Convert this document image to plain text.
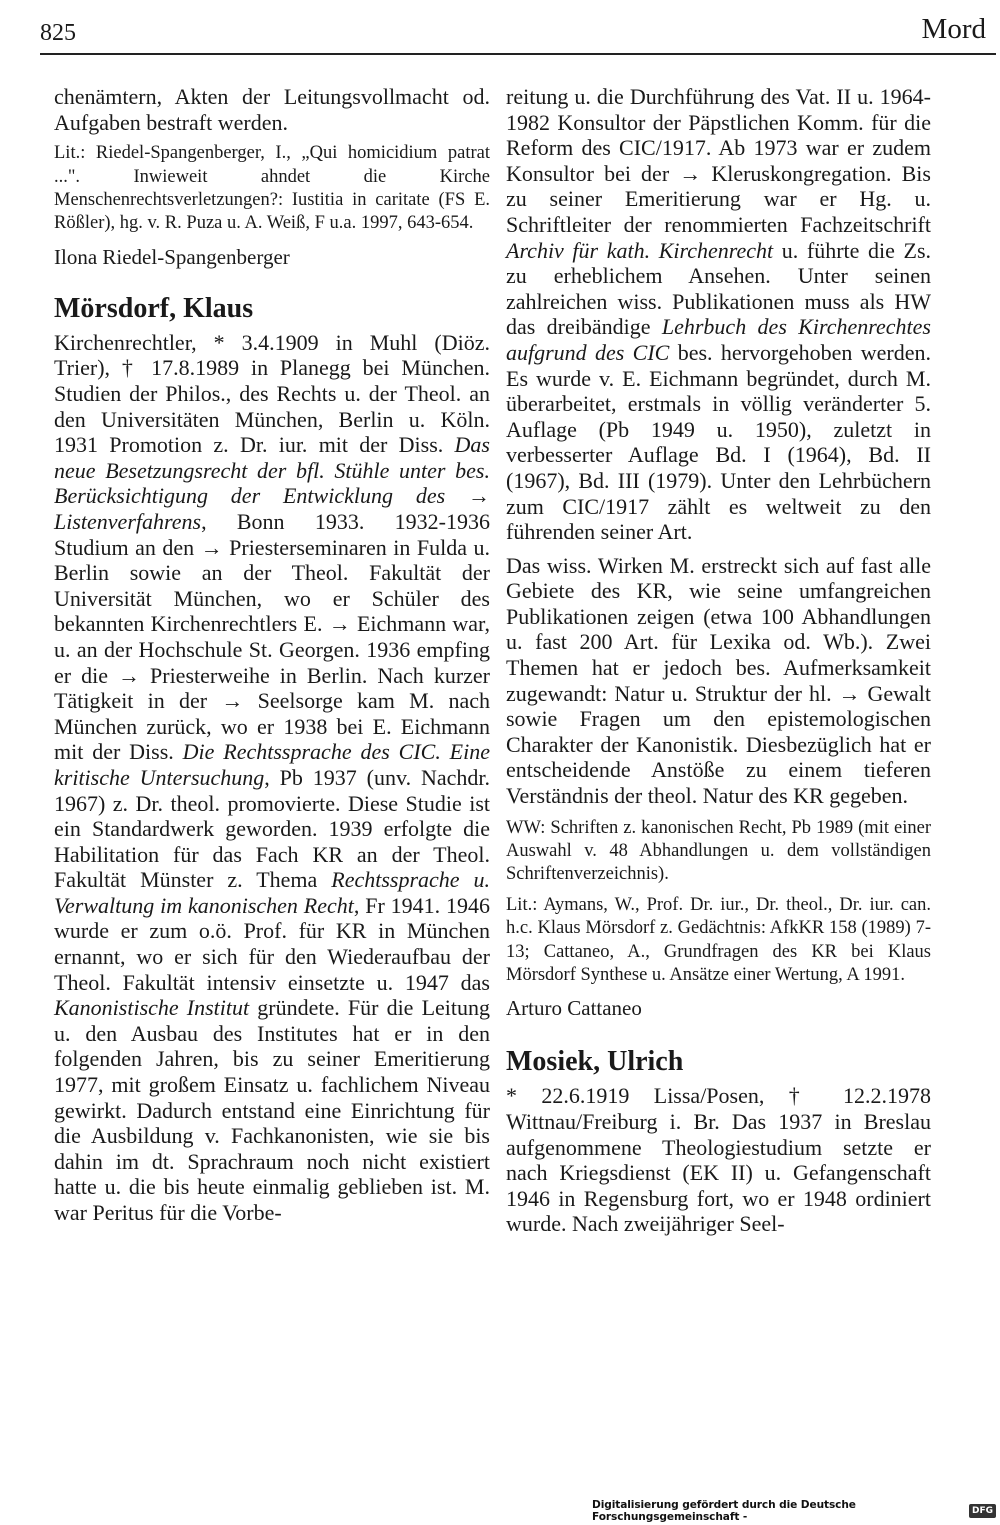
825	Mord

chenämtern, Akten der Leitungsvollmacht od. Aufgaben bestraft werden.

Lit.: Riedel-Spangenberger, I., „Qui homicidium patrat ...". Inwieweit ahndet die Kirche Menschenrechtsverletzungen?: Iustitia in caritate (FS E. Rößler), hg. v. R. Puza u. A. Weiß, F u.a. 1997, 643-654.

Ilona Riedel-Spangenberger

Mörsdorf, Klaus

Kirchenrechtler, * 3.4.1909 in Muhl (Diöz. Trier), † 17.8.1989 in Planegg bei München. Studien der Philos., des Rechts u. der Theol. an den Universitäten München, Berlin u. Köln. 1931 Promotion z. Dr. iur. mit der Diss. Das neue Besetzungsrecht der bfl. Stühle unter bes. Berücksichtigung der Entwicklung des → Listenverfahrens, Bonn 1933. 1932-1936 Studium an den → Priesterseminaren in Fulda u. Berlin sowie an der Theol. Fakultät der Universität München, wo er Schüler des bekannten Kirchenrechtlers E. → Eichmann war, u. an der Hochschule St. Georgen. 1936 empfing er die → Priesterweihe in Berlin. Nach kurzer Tätigkeit in der → Seelsorge kam M. nach München zurück, wo er 1938 bei E. Eichmann mit der Diss. Die Rechtssprache des CIC. Eine kritische Untersuchung, Pb 1937 (unv. Nachdr. 1967) z. Dr. theol. promovierte. Diese Studie ist ein Standardwerk geworden. 1939 erfolgte die Habilitation für das Fach KR an der Theol. Fakultät Münster z. Thema Rechtssprache u. Verwaltung im kanonischen Recht, Fr 1941. 1946 wurde er zum o.ö. Prof. für KR in München ernannt, wo er sich für den Wiederaufbau der Theol. Fakultät intensiv einsetzte u. 1947 das Kanonistische Institut gründete. Für die Leitung u. den Ausbau des Institutes hat er in den folgenden Jahren, bis zu seiner Emeritierung 1977, mit großem Einsatz u. fachlichem Niveau gewirkt. Dadurch entstand eine Einrichtung für die Ausbildung v. Fachkanonisten, wie sie bis dahin im dt. Sprachraum noch nicht existiert hatte u. die bis heute einmalig geblieben ist. M. war Peritus für die Vorbe-

reitung u. die Durchführung des Vat. II u. 1964-1982 Konsultor der Päpstlichen Komm. für die Reform des CIC/1917. Ab 1973 war er zudem Konsultor bei der → Kleruskongregation. Bis zu seiner Emeritierung war er Hg. u. Schriftleiter der renommierten Fachzeitschrift Archiv für kath. Kirchenrecht u. führte die Zs. zu erheblichem Ansehen. Unter seinen zahlreichen wiss. Publikationen muss als HW das dreibändige Lehrbuch des Kirchenrechtes aufgrund des CIC bes. hervorgehoben werden. Es wurde v. E. Eichmann begründet, durch M. überarbeitet, erstmals in völlig veränderter 5. Auflage (Pb 1949 u. 1950), zuletzt in verbesserter Auflage Bd. I (1964), Bd. II (1967), Bd. III (1979). Unter den Lehrbüchern zum CIC/1917 zählt es weltweit zu den führenden seiner Art.

Das wiss. Wirken M. erstreckt sich auf fast alle Gebiete des KR, wie seine umfangreichen Publikationen zeigen (etwa 100 Abhandlungen u. fast 200 Art. für Lexika od. Wb.). Zwei Themen hat er jedoch bes. Aufmerksamkeit zugewandt: Natur u. Struktur der hl. → Gewalt sowie Fragen um den epistemologischen Charakter der Kanonistik. Diesbezüglich hat er entscheidende Anstöße zu einem tieferen Verständnis der theol. Natur des KR gegeben.

WW: Schriften z. kanonischen Recht, Pb 1989 (mit einer Auswahl v. 48 Abhandlungen u. dem vollständigen Schriftenverzeichnis).

Lit.: Aymans, W., Prof. Dr. iur., Dr. theol., Dr. iur. can. h.c. Klaus Mörsdorf z. Gedächtnis: AfkKR 158 (1989) 7-13; Cattaneo, A., Grundfragen des KR bei Klaus Mörsdorf Synthese u. Ansätze einer Wertung, A 1991.

Arturo Cattaneo

Mosiek, Ulrich

* 22.6.1919 Lissa/Posen, † 12.2.1978 Wittnau/Freiburg i. Br. Das 1937 in Breslau aufgenommene Theologiestudium setzte er nach Kriegsdienst (EK II) u. Gefangenschaft 1946 in Regensburg fort, wo er 1948 ordiniert wurde. Nach zweijähriger Seel-

Digitalisierung gefördert durch die Deutsche Forschungsgemeinschaft -	DFG
